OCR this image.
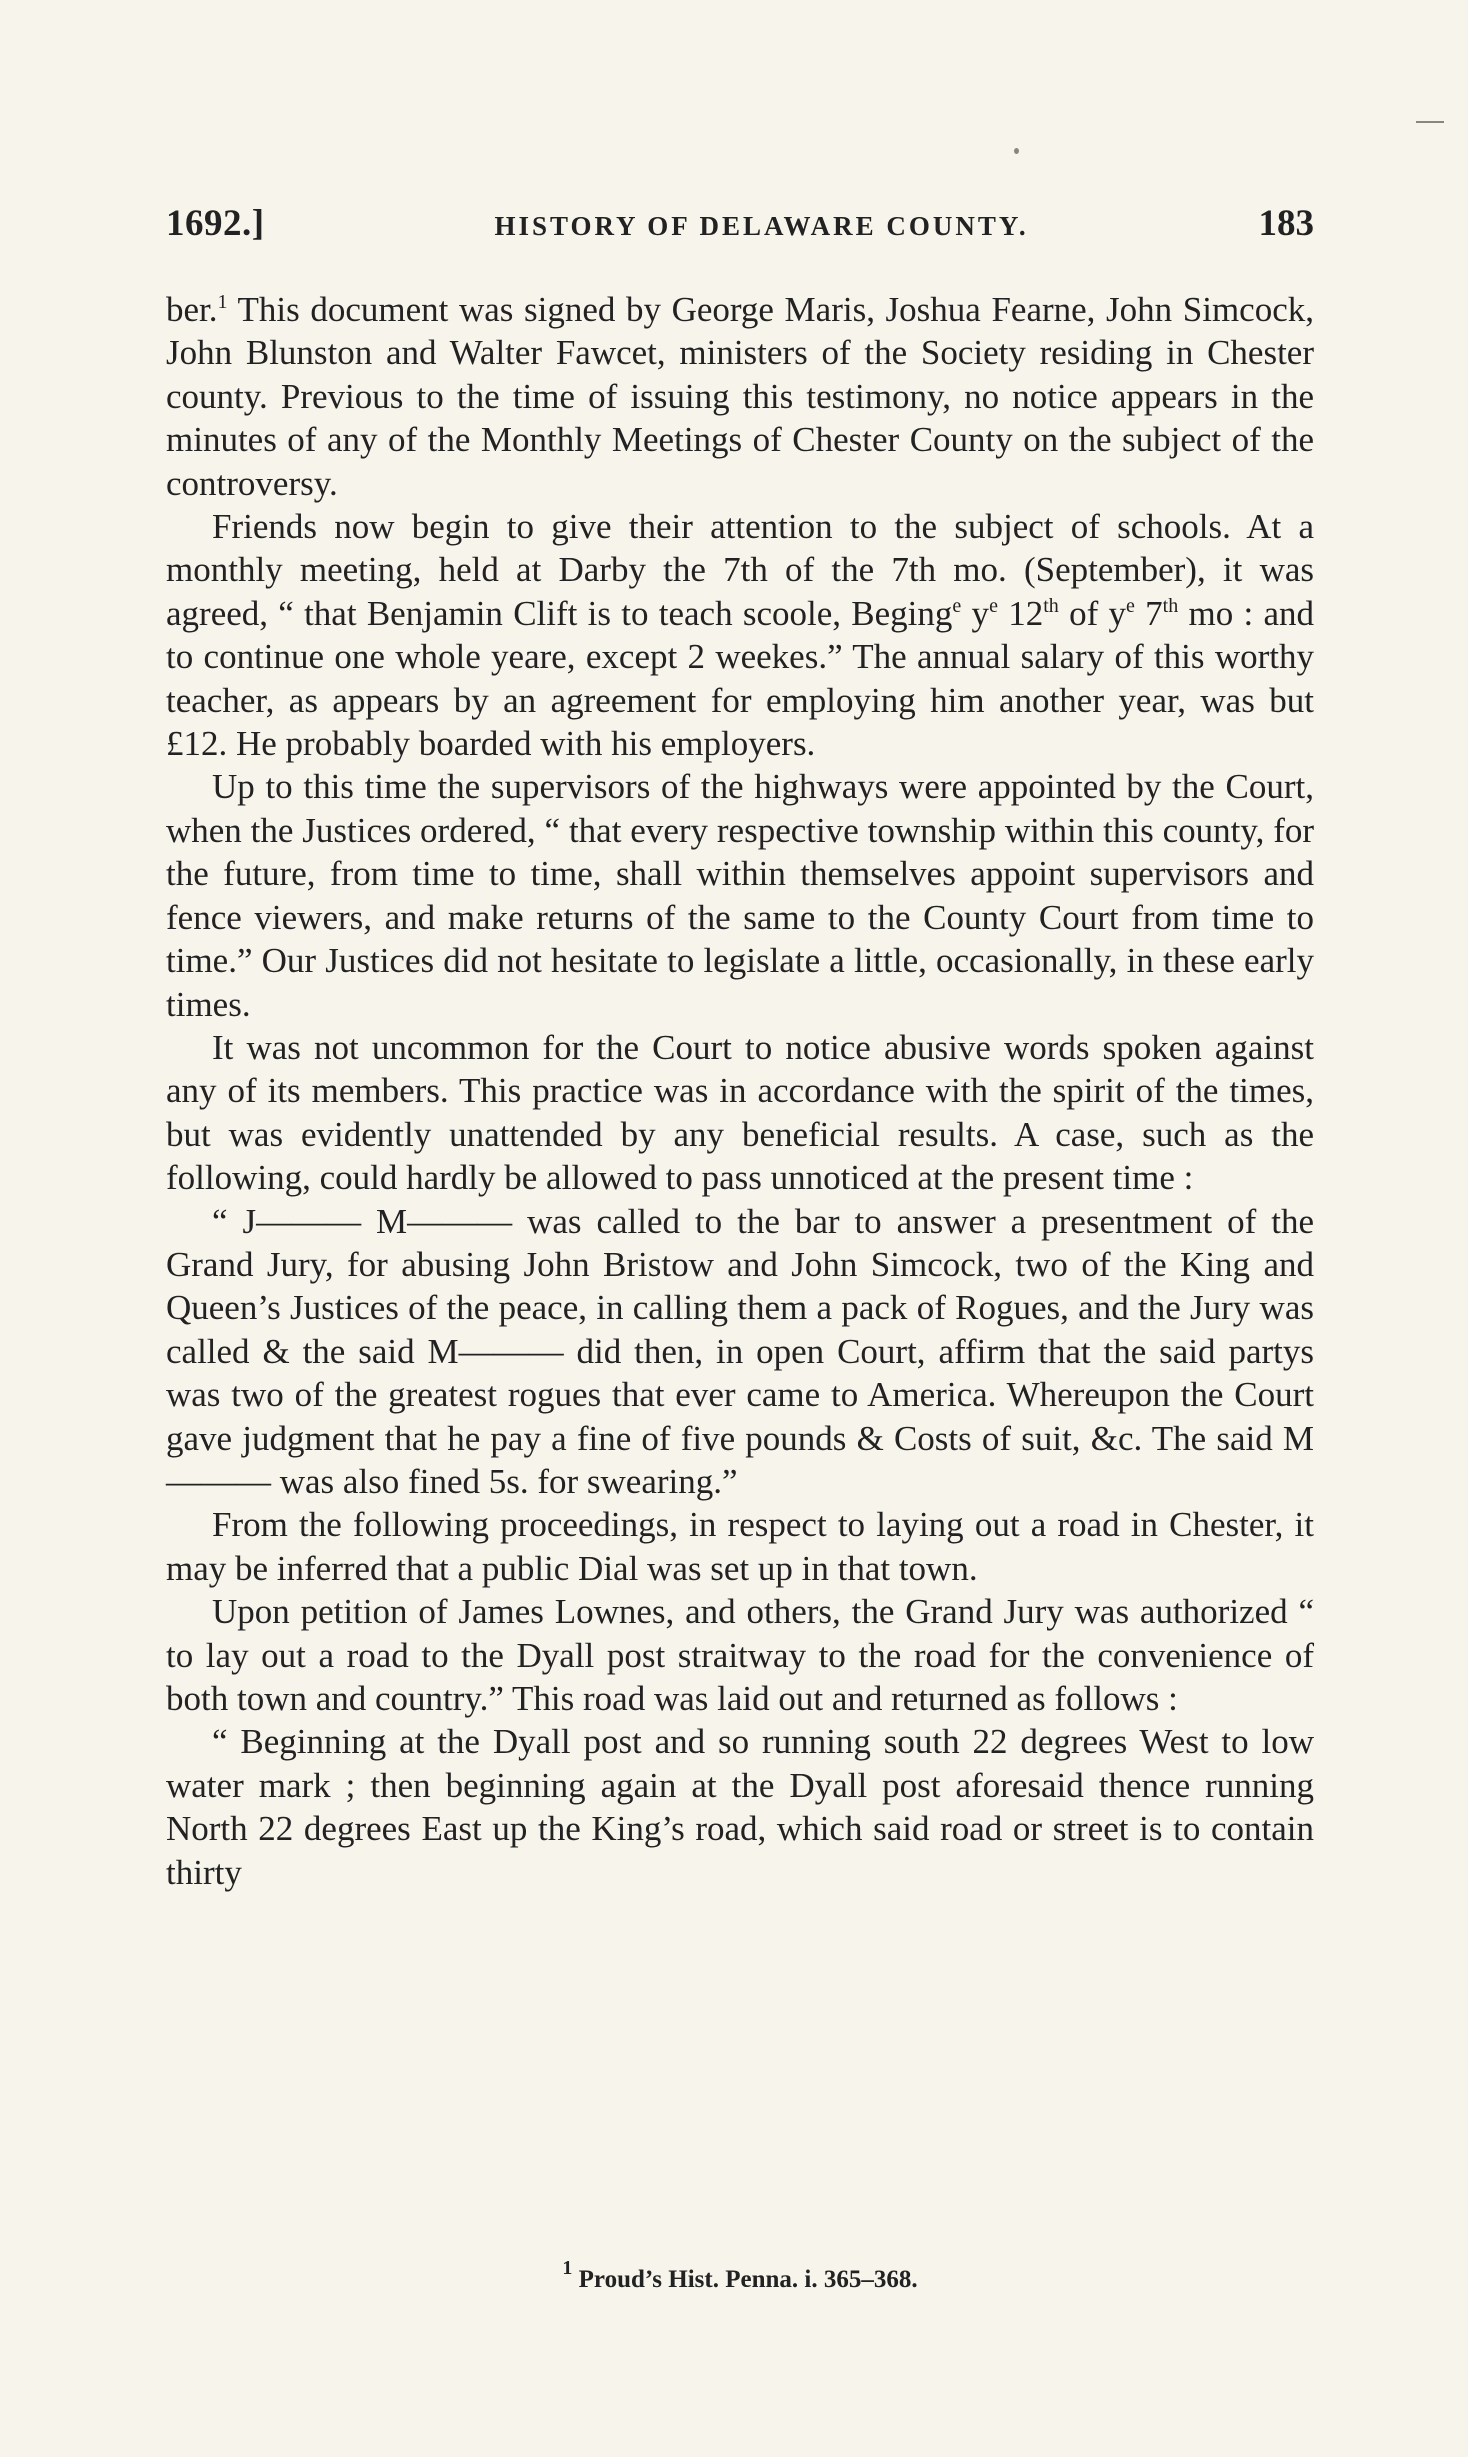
1692.]	HISTORY OF DELAWARE COUNTY.	183

ber.$^1$ This document was signed by George Maris, Joshua Fearne, John Simcock, John Blunston and Walter Fawcet, ministers of the Society residing in Chester county. Previous to the time of issuing this testimony, no notice appears in the minutes of any of the Monthly Meetings of Chester County on the subject of the controversy.

Friends now begin to give their attention to the subject of schools. At a monthly meeting, held at Darby the 7th of the 7th mo. (September), it was agreed, “ that Benjamin Clift is to teach scoole, Beging$^e$ $y^e$ 12th of $y^e$ 7th mo : and to continue one whole yeare, except 2 weekes.” The annual salary of this worthy teacher, as appears by an agreement for employing him another year, was but £12. He probably boarded with his employers.

Up to this time the supervisors of the highways were appointed by the Court, when the Justices ordered, “ that every respective township within this county, for the future, from time to time, shall within themselves appoint supervisors and fence viewers, and make returns of the same to the County Court from time to time.” Our Justices did not hesitate to legislate a little, occasionally, in these early times.

It was not uncommon for the Court to notice abusive words spoken against any of its members. This practice was in accordance with the spirit of the times, but was evidently unattended by any beneficial results. A case, such as the following, could hardly be allowed to pass unnoticed at the present time :

“ J——— M——— was called to the bar to answer a presentment of the Grand Jury, for abusing John Bristow and John Simcock, two of the King and Queen’s Justices of the peace, in calling them a pack of Rogues, and the Jury was called & the said M——— did then, in open Court, affirm that the said partys was two of the greatest rogues that ever came to America. Whereupon the Court gave judgment that he pay a fine of five pounds & Costs of suit, &c. The said M——— was also fined 5s. for swearing.”

From the following proceedings, in respect to laying out a road in Chester, it may be inferred that a public Dial was set up in that town.

Upon petition of James Lownes, and others, the Grand Jury was authorized “ to lay out a road to the Dyall post straitway to the road for the convenience of both town and country.” This road was laid out and returned as follows :

“ Beginning at the Dyall post and so running south 22 degrees West to low water mark ; then beginning again at the Dyall post aforesaid thence running North 22 degrees East up the King’s road, which said road or street is to contain thirty

$^1$ Proud’s Hist. Penna. i. 365–368.
